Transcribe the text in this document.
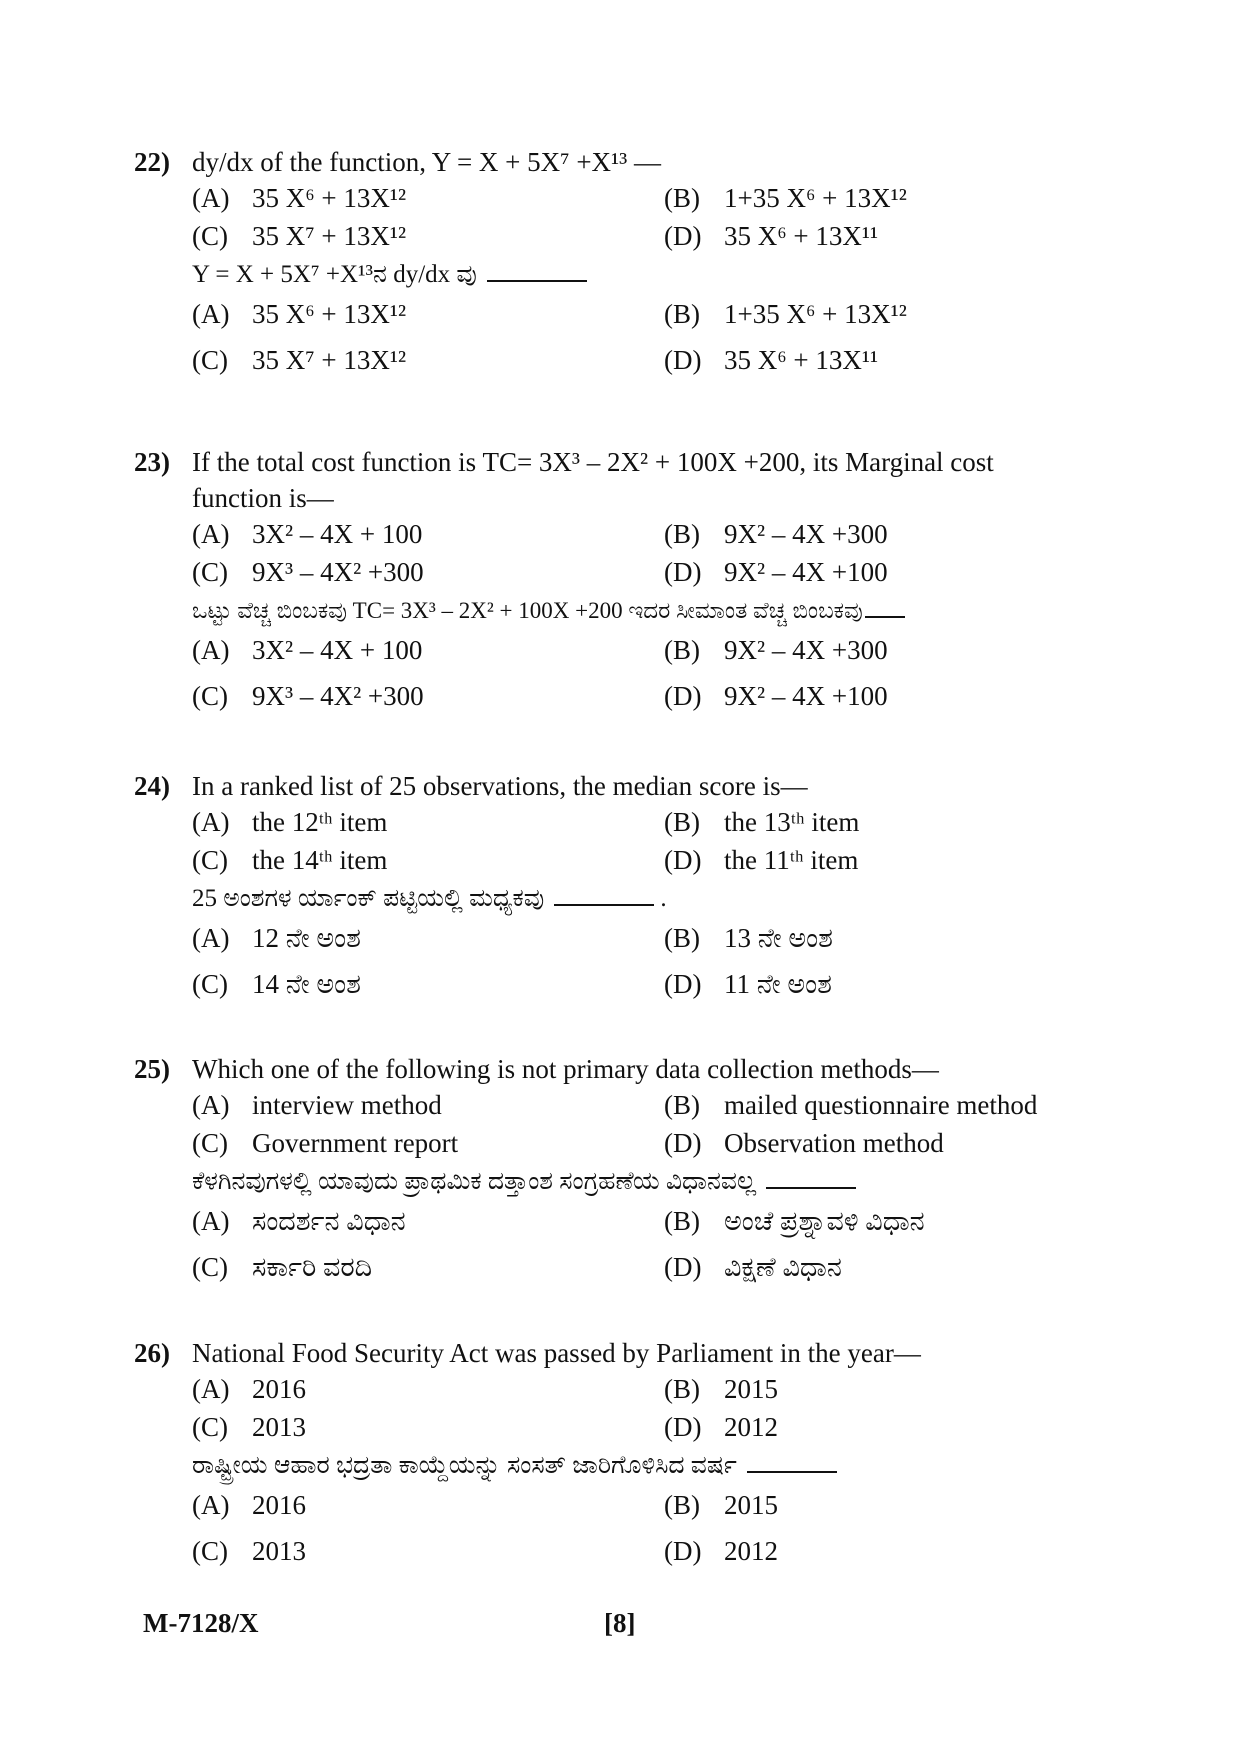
22) dy/dx of the function, Y = X + 5X⁷ +X¹³ —
(A) 35 X⁶ + 13X¹²	(B) 1+35 X⁶ + 13X¹²
(C) 35 X⁷ + 13X¹²	(D) 35 X⁶ + 13X¹¹
Y = X + 5X⁷ +X¹³ನ dy/dx ವು
(A) 35 X⁶ + 13X¹²	(B) 1+35 X⁶ + 13X¹²
(C) 35 X⁷ + 13X¹²	(D) 35 X⁶ + 13X¹¹
23) If the total cost function is TC= 3X³ – 2X² + 100X +200, its Marginal cost
function is—
(A) 3X² – 4X + 100	(B) 9X² – 4X +300
(C) 9X³ – 4X² +300	(D) 9X² – 4X +100
ಒಟ್ಟು ವೆಚ್ಚ ಬಿಂಬಕವು TC= 3X³ – 2X² + 100X +200 ಇದರ ಸೀಮಾಂತ ವೆಚ್ಚ ಬಿಂಬಕವು
(A) 3X² – 4X + 100	(B) 9X² – 4X +300
(C) 9X³ – 4X² +300	(D) 9X² – 4X +100
24) In a ranked list of 25 observations, the median score is—
(A) the 12ᵗʰ item	(B) the 13ᵗʰ item
(C) the 14ᵗʰ item	(D) the 11ᵗʰ item
25 ಅಂಶಗಳ ರ್ಯಾಂಕ್ ಪಟ್ಟಿಯಲ್ಲಿ ಮಧ್ಯಕವು	.
(A) 12 ನೇ ಅಂಶ	(B) 13 ನೇ ಅಂಶ
(C) 14 ನೇ ಅಂಶ	(D) 11 ನೇ ಅಂಶ
25) Which one of the following is not primary data collection methods—
(A) interview method	(B) mailed questionnaire method
(C) Government report	(D) Observation method
ಕೆಳಗಿನವುಗಳಲ್ಲಿ ಯಾವುದು ಪ್ರಾಥಮಿಕ ದತ್ತಾಂಶ ಸಂಗ್ರಹಣೆಯ ವಿಧಾನವಲ್ಲ
(A) ಸಂದರ್ಶನ ವಿಧಾನ	(B) ಅಂಚೆ ಪ್ರಶ್ನಾವಳಿ ವಿಧಾನ
(C) ಸರ್ಕಾರಿ ವರದಿ	(D) ವಿಕ್ಷಣೆ ವಿಧಾನ
26) National Food Security Act was passed by Parliament in the year—
(A) 2016	(B) 2015
(C) 2013	(D) 2012
ರಾಷ್ಟ್ರೀಯ ಆಹಾರ ಭದ್ರತಾ ಕಾಯ್ದೆಯನ್ನು ಸಂಸತ್ ಜಾರಿಗೊಳಿಸಿದ ವರ್ಷ
(A) 2016	(B) 2015
(C) 2013	(D) 2012
M-7128/X	[8]
